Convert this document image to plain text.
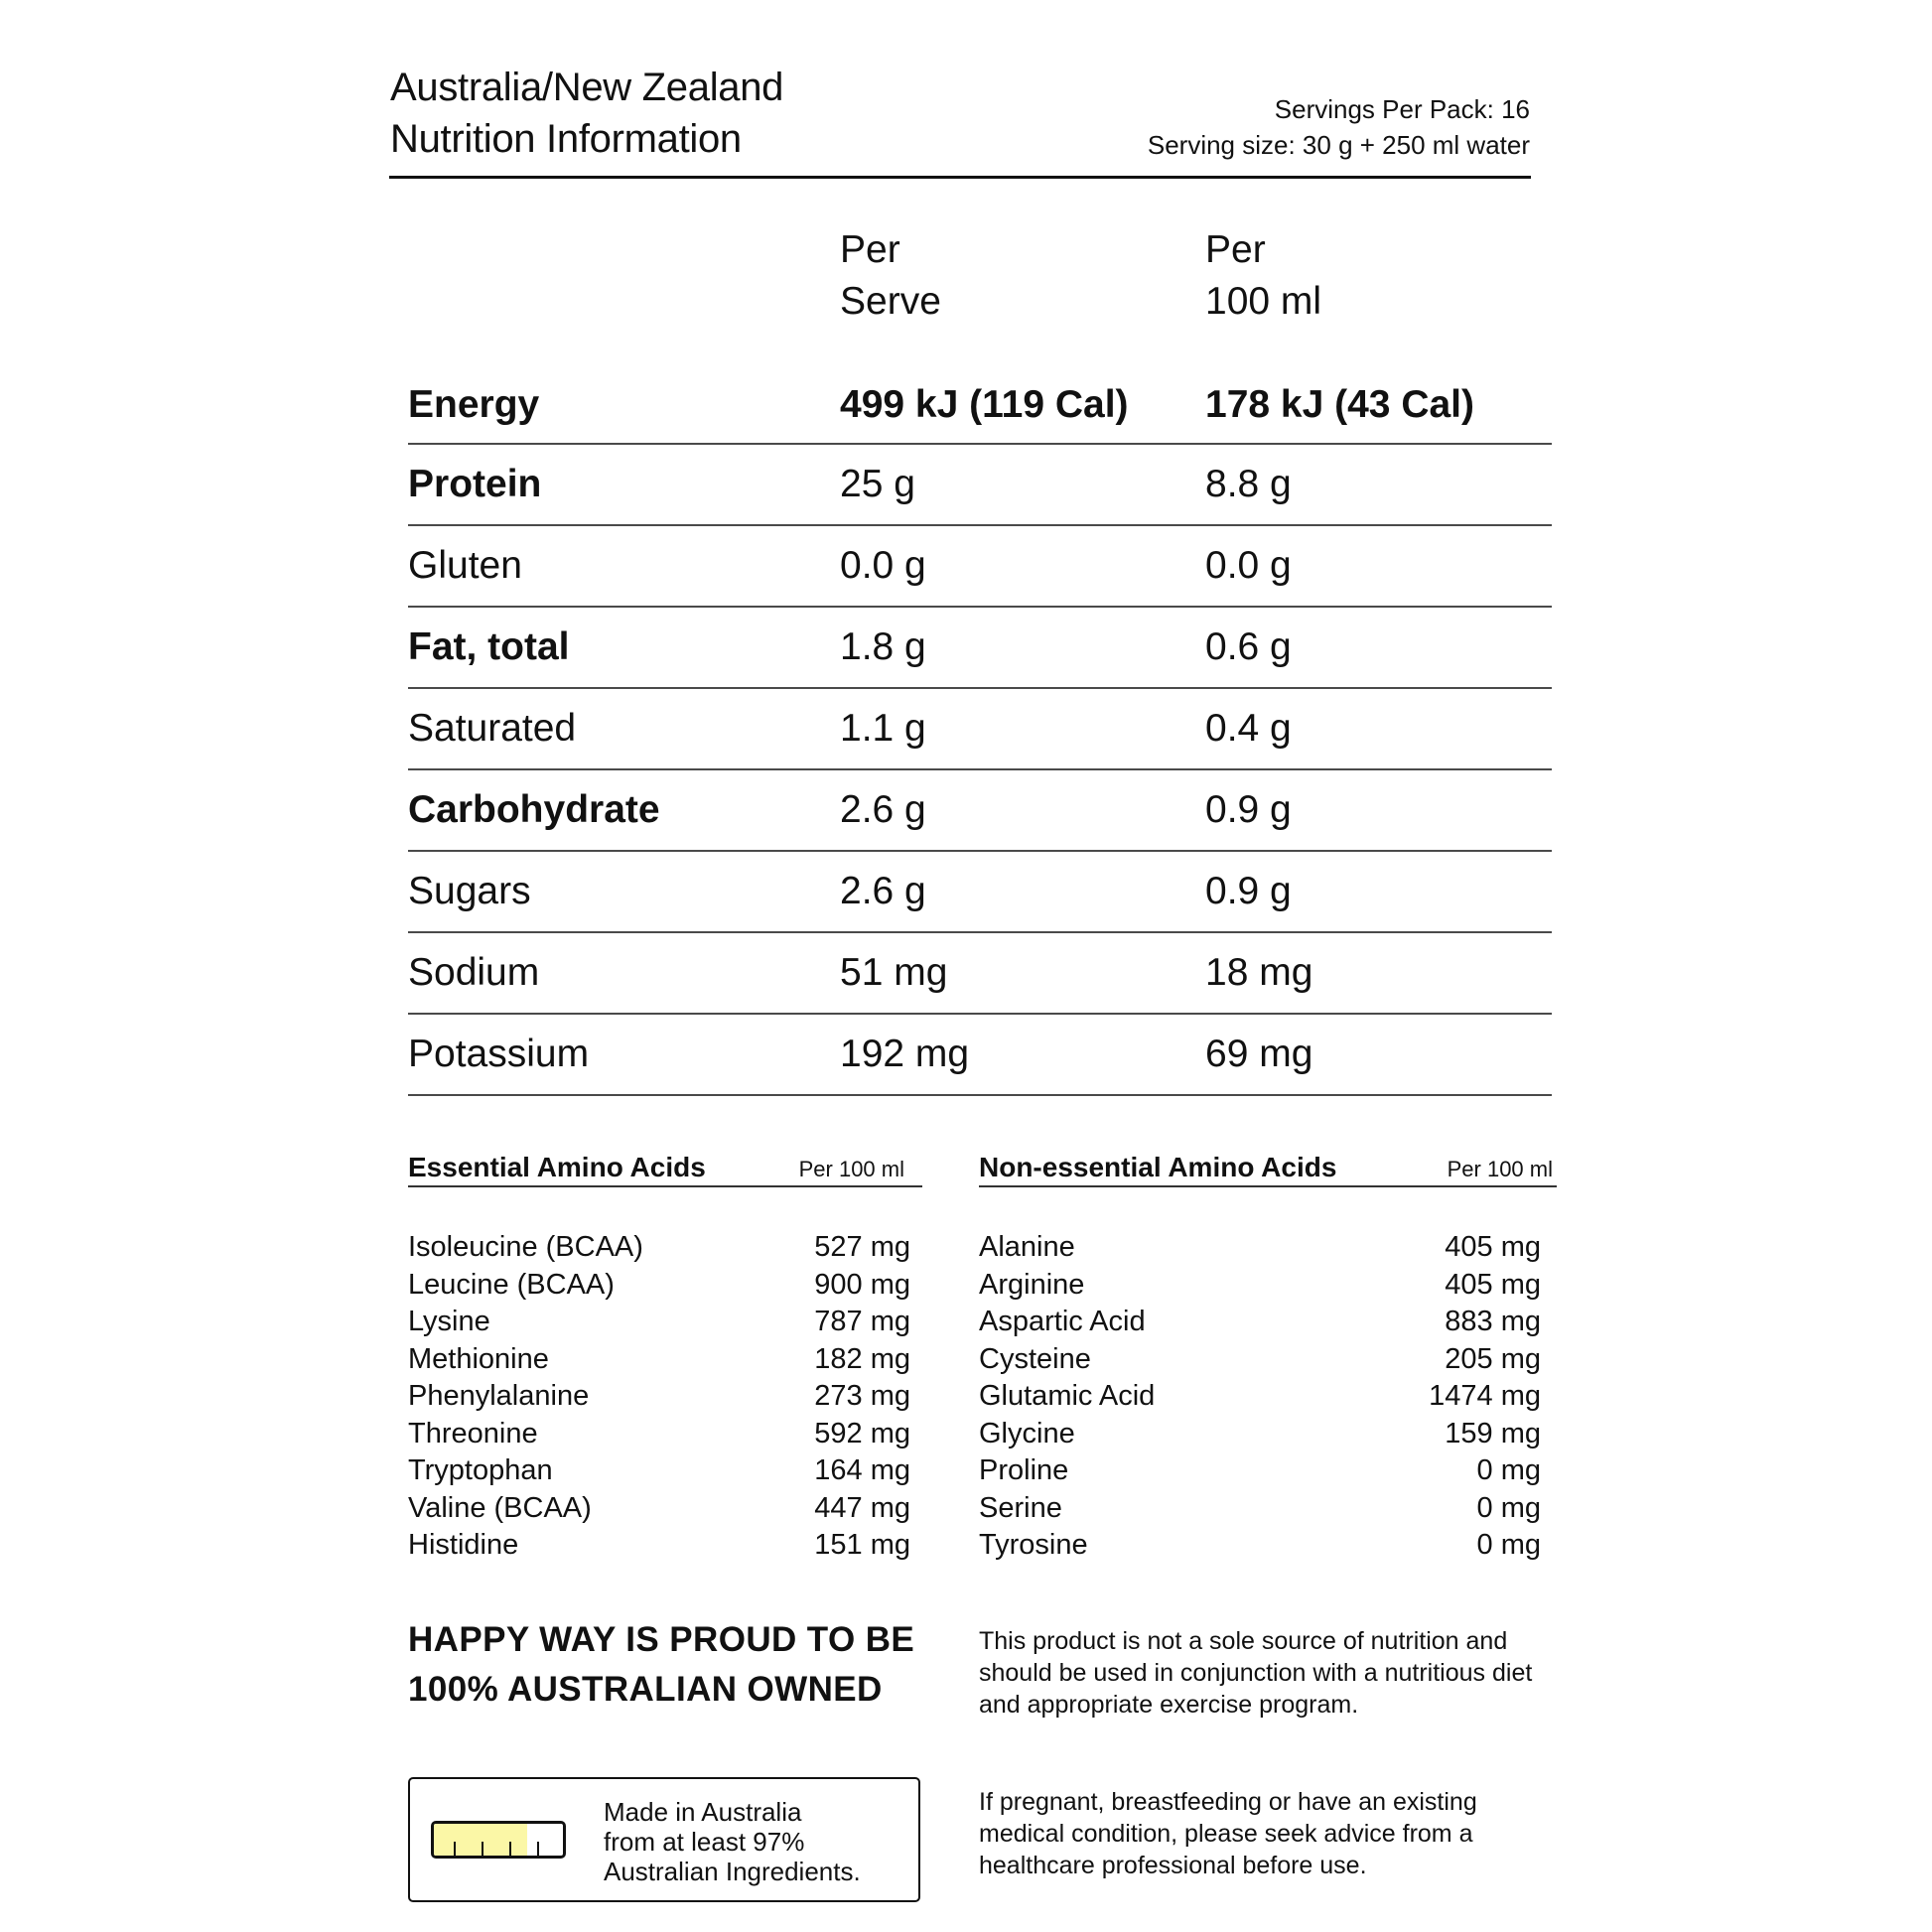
Australia/New Zealand
Nutrition Information
Servings Per Pack: 16
Serving size: 30 g + 250 ml water
Per
Serve
Per
100 ml
Energy	499 kJ (119 Cal) 178 kJ (43 Cal)
Protein	25 g	8.8 g
Gluten	0.0 g	0.0 g
Fat, total	1.8 g	0.6 g
Saturated	1.1 g	0.4 g
Carbohydrate	2.6 g	0.9 g
Sugars	2.6 g	0.9 g
Sodium	51 mg	18 mg
Potassium	192 mg	69 mg
Essential Amino Acids	Per 100 ml
Isoleucine (BCAA)	527 mg
Leucine (BCAA)	900 mg
Lysine	787 mg
Methionine	182 mg
Phenylalanine	273 mg
Threonine	592 mg
Tryptophan	164 mg
Valine (BCAA)	447 mg
Histidine	151 mg
Non-essential Amino Acids	Per 100 ml
Alanine	405 mg
Arginine	405 mg
Aspartic Acid	883 mg
Cysteine	205 mg
Glutamic Acid	1474 mg
Glycine	159 mg
Proline	0 mg
Serine	0 mg
Tyrosine	0 mg
HAPPY WAY IS PROUD TO BE
100% AUSTRALIAN OWNED
Made in Australia
from at least 97%
Australian Ingredients.
This product is not a sole source of nutrition and should be used in conjunction with a nutritious diet and appropriate exercise program.
If pregnant, breastfeeding or have an existing medical condition, please seek advice from a healthcare professional before use.
